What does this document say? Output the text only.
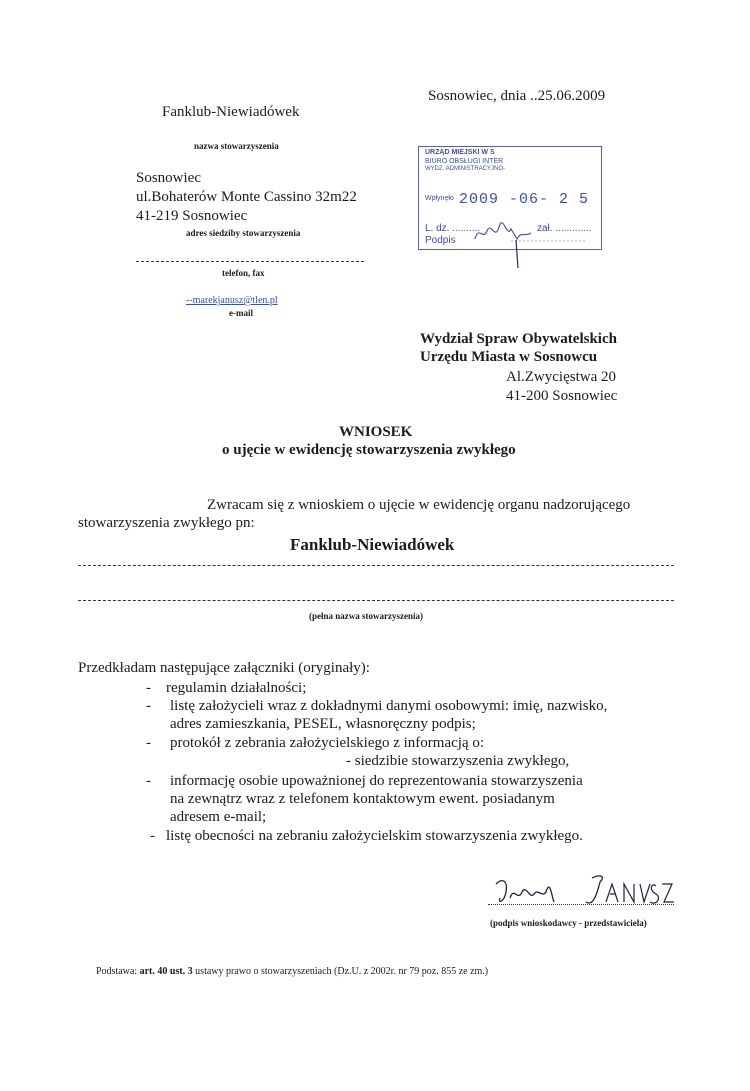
Sosnowiec, dnia ..25.06.2009
Fanklub-Niewiadówek
nazwa stowarzyszenia
Sosnowiec
ul.Bohaterów Monte Cassino 32m22
41-219 Sosnowiec
adres siedziby stowarzyszenia
telefon, fax
--marekjanusz@tlen.pl
e-mail
URZĄD MIEJSKI W S
BIURO OBSŁUGI INTER
WYDZ. ADMINISTRACYJNO-
Wpłynęło 2009 -06- 2 5
L. dz. ..........	zał. .............
Podpis
Wydział Spraw Obywatelskich
Urzędu Miasta w Sosnowcu
Al.Zwycięstwa 20
41-200 Sosnowiec
WNIOSEK
o ujęcie w ewidencję stowarzyszenia zwykłego
Zwracam się z wnioskiem o ujęcie w ewidencję organu nadzorującego
stowarzyszenia zwykłego pn:
Fanklub-Niewiadówek
(pełna nazwa stowarzyszenia)
Przedkładam następujące załączniki (oryginały):
- regulamin działalności;
- listę założycieli wraz z dokładnymi danymi osobowymi: imię, nazwisko,
adres zamieszkania, PESEL, własnoręczny podpis;
- protokół z zebrania założycielskiego z informacją o:
- siedzibie stowarzyszenia zwykłego,
- informację osobie upoważnionej do reprezentowania stowarzyszenia
na zewnątrz wraz z telefonem kontaktowym ewent. posiadanym
adresem e-mail;
- listę obecności na zebraniu założycielskim stowarzyszenia zwykłego.
(podpis wnioskodawcy - przedstawiciela)
Podstawa: art. 40 ust. 3 ustawy prawo o stowarzyszeniach (Dz.U. z 2002r. nr 79 poz. 855 ze zm.)
